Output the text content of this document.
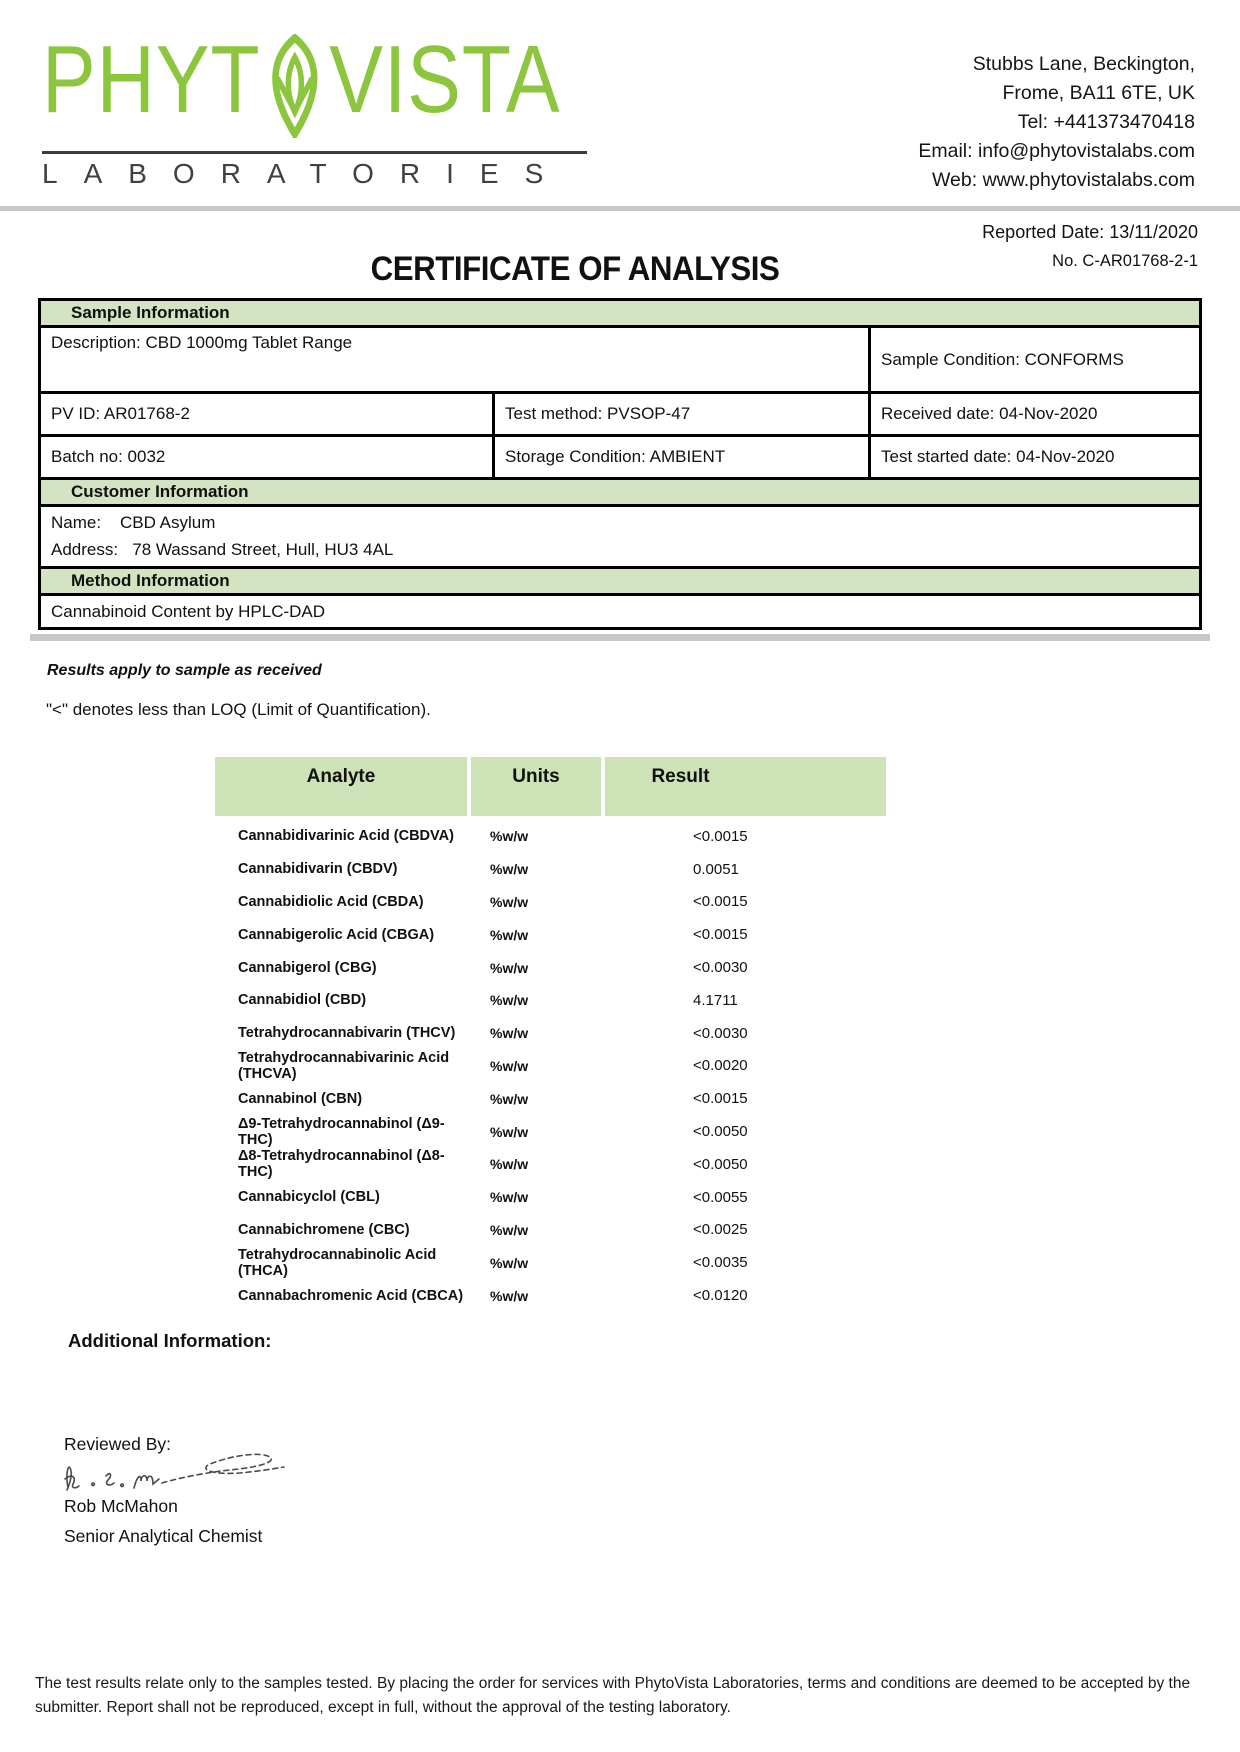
PHYT VISTA
LABORATORIES
Stubbs Lane, Beckington,
Frome, BA11 6TE, UK
Tel: +441373470418
Email: info@phytovistalabs.com
Web: www.phytovistalabs.com
Reported Date: 13/11/2020
No. C-AR01768-2-1
CERTIFICATE OF ANALYSIS
Sample Information
Description: CBD 1000mg Tablet Range
Sample Condition: CONFORMS
PV ID: AR01768-2	Test method: PVSOP-47	Received date: 04-Nov-2020
Batch no: 0032	Storage Condition: AMBIENT	Test started date: 04-Nov-2020
Customer Information
Name:    CBD Asylum
Address:   78 Wassand Street, Hull, HU3 4AL
Method Information
Cannabinoid Content by HPLC-DAD
Results apply to sample as received
"<" denotes less than LOQ (Limit of Quantification).
Analyte	Units	Result
Cannabidivarinic Acid (CBDVA)	%w/w	<0.0015
Cannabidivarin (CBDV)	%w/w	0.0051
Cannabidiolic Acid (CBDA)	%w/w	<0.0015
Cannabigerolic Acid (CBGA)	%w/w	<0.0015
Cannabigerol (CBG)	%w/w	<0.0030
Cannabidiol (CBD)	%w/w	4.1711
Tetrahydrocannabivarin (THCV)	%w/w	<0.0030
Tetrahydrocannabivarinic Acid (THCVA)	%w/w	<0.0020
Cannabinol (CBN)	%w/w	<0.0015
Δ9-Tetrahydrocannabinol (Δ9-THC)	%w/w	<0.0050
Δ8-Tetrahydrocannabinol (Δ8-THC)	%w/w	<0.0050
Cannabicyclol (CBL)	%w/w	<0.0055
Cannabichromene (CBC)	%w/w	<0.0025
Tetrahydrocannabinolic Acid (THCA)	%w/w	<0.0035
Cannabachromenic Acid (CBCA)	%w/w	<0.0120
Additional Information:
Reviewed By:
Rob McMahon
Senior Analytical Chemist
The test results relate only to the samples tested. By placing the order for services with PhytoVista Laboratories, terms and conditions are deemed to be accepted by the submitter. Report shall not be reproduced, except in full, without the approval of the testing laboratory.
